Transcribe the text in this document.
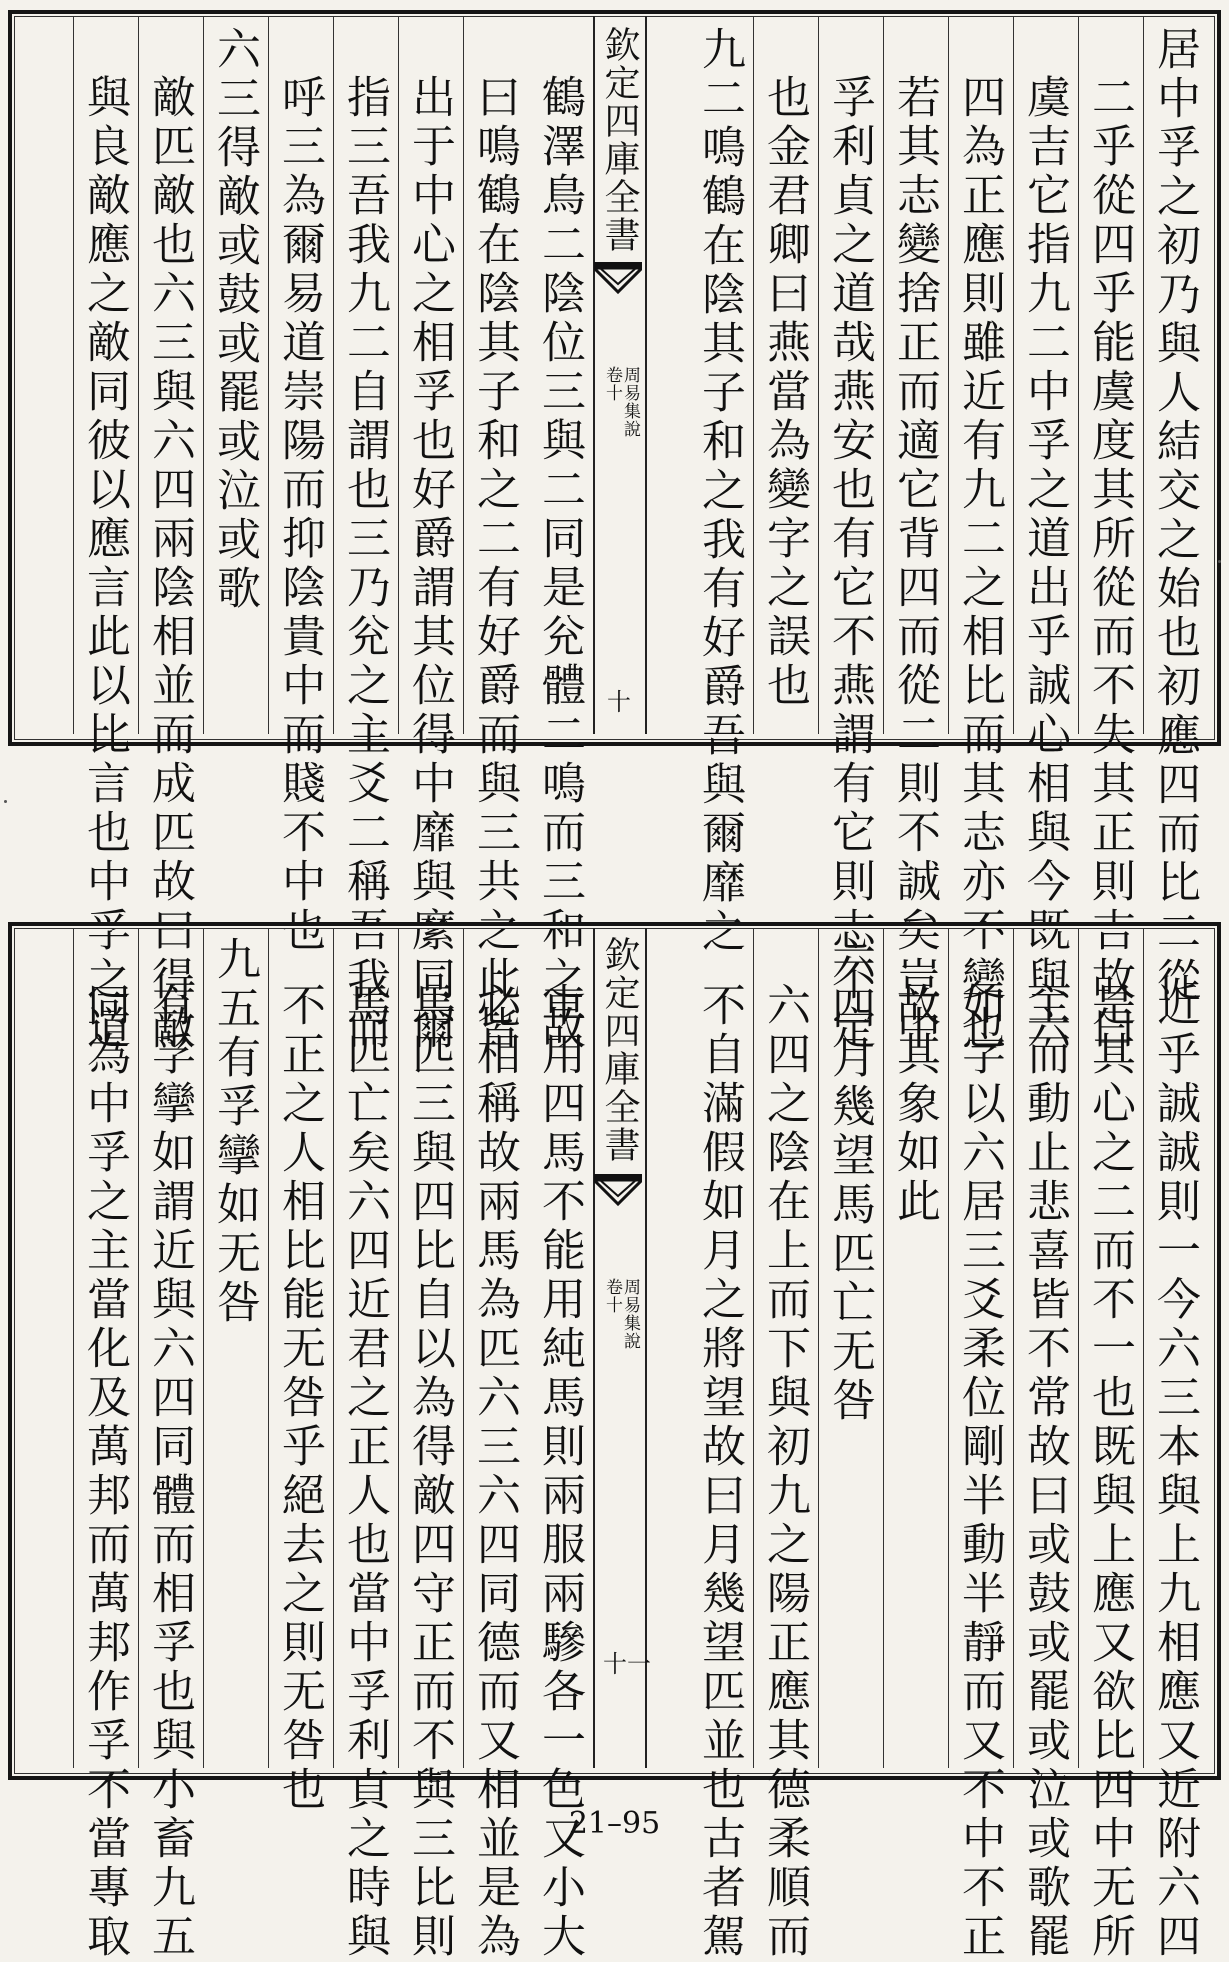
居中孚之初乃與人結交之始也初應四而比二從
二乎從四乎能虞度其所從而不失其正則吉故曰
虞吉它指九二中孚之道出乎誠心相與今既與六
四為正應則雖近有九二之相比而其志亦不變也
若其志變捨正而適它背四而從二則不誠矣豈中
孚利貞之道哉燕安也有它不燕謂有它則志不定
也金君卿曰燕當為變字之誤也
九二鳴鶴在陰其子和之我有好爵吾與爾靡之
欽定四庫全書
周易集說
卷十
十
鶴澤鳥二陰位三與二同是兊體二鳴而三和之故
曰鳴鶴在陰其子和之二有好爵而與三共之此皆
出于中心之相孚也好爵謂其位得中靡與縻同爾
指三吾我九二自謂也三乃兊之主爻二稱吾我而
呼三為爾易道崇陽而抑陰貴中而賤不中也
六三得敵或鼓或罷或泣或歌
敵匹敵也六三與六四兩陰相並而成匹故曰得敵
與良敵應之敵同彼以應言此以比言也中孚之道
近乎誠誠則一今六三本與上九相應又近附六四
是其心之二而不一也既與上應又欲比四中无所
主而動止悲喜皆不常故曰或鼓或罷或泣或歌罷
如字以六居三爻柔位剛半動半靜而又不中不正
故其象如此
六四月幾望馬匹亡无咎
六四之陰在上而下與初九之陽正應其德柔順而
不自滿假如月之將望故曰月幾望匹並也古者駕
欽定四庫全書
周易集說
卷十
十一
車用四馬不能用純馬則兩服兩驂各一色又小大
必相稱故兩馬為匹六三六四同德而又相並是為
馬匹三與四比自以為得敵四守正而不與三比則
馬匹亡矣六四近君之正人也當中孚利貞之時與
不正之人相比能无咎乎絕去之則无咎也
九五有孚攣如无咎
有孚攣如謂近與六四同體而相孚也與小畜九五
同為中孚之主當化及萬邦而萬邦作孚不當專取	21–95
